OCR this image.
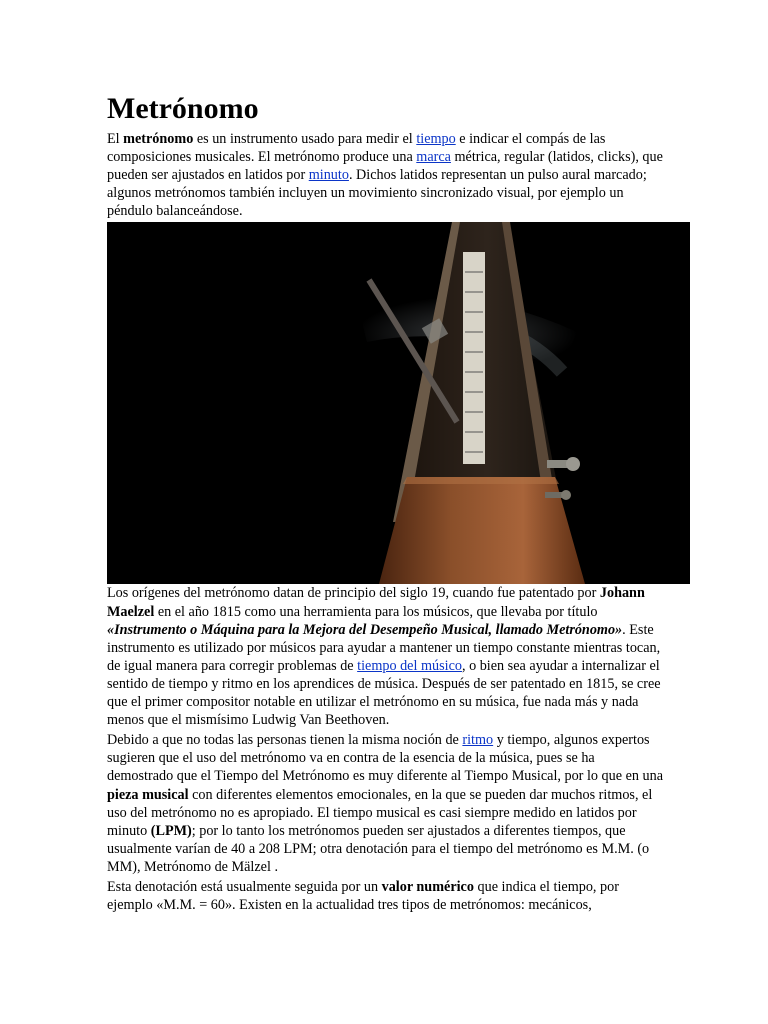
Metrónomo

El metrónomo es un instrumento usado para medir el tiempo e indicar el compás de las composiciones musicales. El metrónomo produce una marca métrica, regular (latidos, clicks), que pueden ser ajustados en latidos por minuto. Dichos latidos representan un pulso aural marcado; algunos metrónomos también incluyen un movimiento sincronizado visual, por ejemplo un péndulo balanceándose.

Los orígenes del metrónomo datan de principio del siglo 19, cuando fue patentado por Johann Maelzel en el año 1815 como una herramienta para los músicos, que llevaba por título «Instrumento o Máquina para la Mejora del Desempeño Musical, llamado Metrónomo». Este instrumento es utilizado por músicos para ayudar a mantener un tiempo constante mientras tocan, de igual manera para corregir problemas de tiempo del músico, o bien sea ayudar a internalizar el sentido de tiempo y ritmo en los aprendices de música. Después de ser patentado en 1815, se cree que el primer compositor notable en utilizar el metrónomo en su música, fue nada más y nada menos que el mismísimo Ludwig Van Beethoven.

Debido a que no todas las personas tienen la misma noción de ritmo y tiempo, algunos expertos sugieren que el uso del metrónomo va en contra de la esencia de la música, pues se ha demostrado que el Tiempo del Metrónomo es muy diferente al Tiempo Musical, por lo que en una pieza musical con diferentes elementos emocionales, en la que se pueden dar muchos ritmos, el uso del metrónomo no es apropiado. El tiempo musical es casi siempre medido en latidos por minuto (LPM); por lo tanto los metrónomos pueden ser ajustados a diferentes tiempos, que usualmente varían de 40 a 208 LPM; otra denotación para el tiempo del metrónomo es M.M. (o MM), Metrónomo de Mälzel .

Esta denotación está usualmente seguida por un valor numérico que indica el tiempo, por ejemplo «M.M. = 60». Existen en la actualidad tres tipos de metrónomos: mecánicos,
